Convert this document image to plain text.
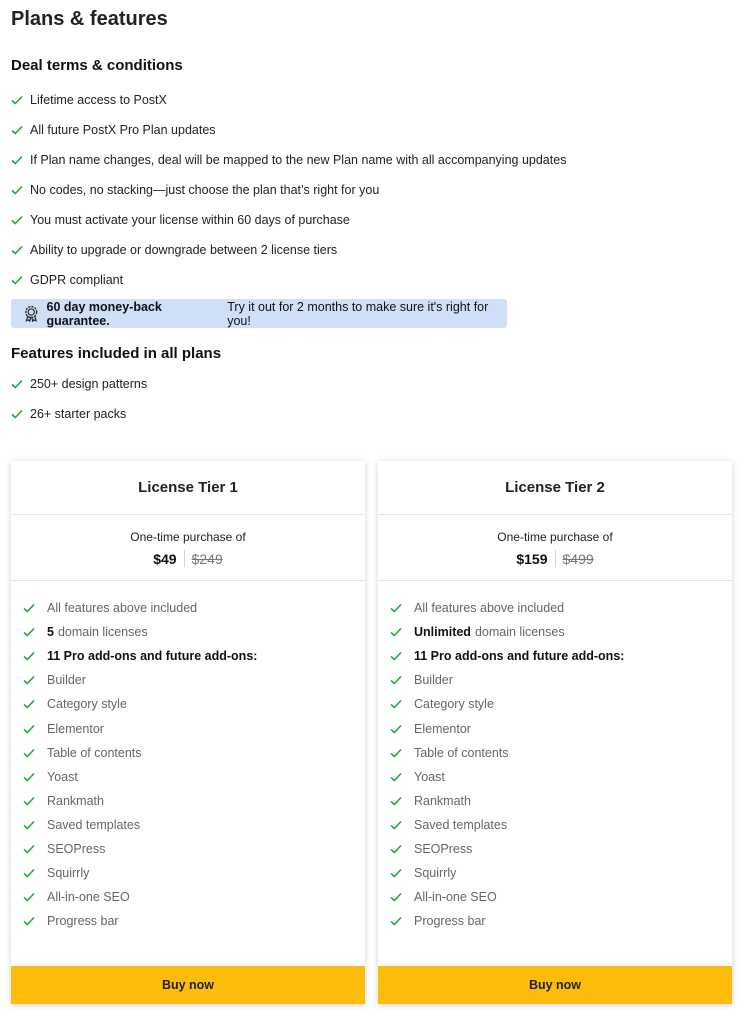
Plans & features
Deal terms & conditions
Lifetime access to PostX
All future PostX Pro Plan updates
If Plan name changes, deal will be mapped to the new Plan name with all accompanying updates
No codes, no stacking—just choose the plan that’s right for you
You must activate your license within 60 days of purchase
Ability to upgrade or downgrade between 2 license tiers
GDPR compliant
60 day money-back guarantee.
Try it out for 2 months to make sure it's right for you!
Features included in all plans
250+ design patterns
26+ starter packs
License Tier 1
One-time purchase of
$49	$249
All features above included
5 domain licenses
11 Pro add-ons and future add-ons:
Builder
Category style
Elementor
Table of contents
Yoast
Rankmath
Saved templates
SEOPress
Squirrly
All-in-one SEO
Progress bar
Buy now
License Tier 2
One-time purchase of
$159	$499
All features above included
Unlimited domain licenses
11 Pro add-ons and future add-ons:
Builder
Category style
Elementor
Table of contents
Yoast
Rankmath
Saved templates
SEOPress
Squirrly
All-in-one SEO
Progress bar
Buy now
